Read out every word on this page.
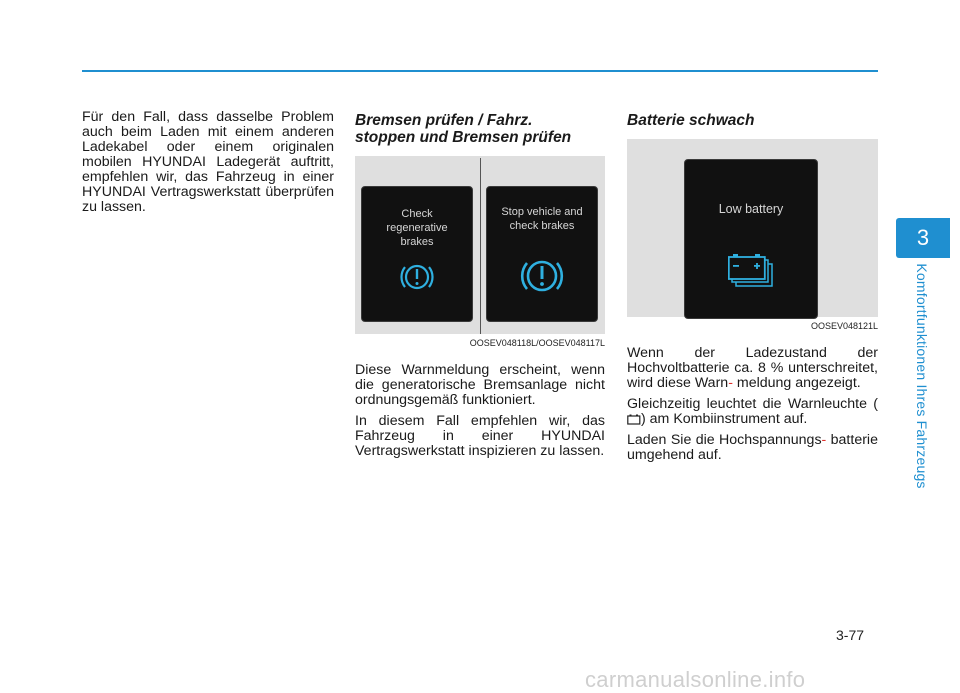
Für den Fall, dass dasselbe Problem auch beim Laden mit einem anderen Ladekabel oder einem originalen mobilen HYUNDAI Ladegerät auftritt, empfehlen wir, das Fahrzeug in einer HYUNDAI Vertragswerkstatt überprüfen zu lassen.

Bremsen prüfen / Fahrz.
stoppen und Bremsen prüfen
Check
regenerative
brakes
Stop vehicle and
check brakes
OOSEV048118L/OOSEV048117L

Diese Warnmeldung erscheint, wenn die generatorische Bremsanlage nicht ordnungsgemäß funktioniert.

In diesem Fall empfehlen wir, das Fahrzeug in einer HYUNDAI Vertragswerkstatt inspizieren zu lassen.

Batterie schwach
Low battery
OOSEV048121L

Wenn der Ladezustand der Hochvoltbatterie ca. 8 % unterschreitet, wird diese Warn- meldung angezeigt.

Gleichzeitig leuchtet die Warnleuchte () am Kombiinstrument auf.

Laden Sie die Hochspannungs- batterie umgehend auf.

3
Komfortfunktionen Ihres Fahrzeugs
3-77
carmanualsonline.info
